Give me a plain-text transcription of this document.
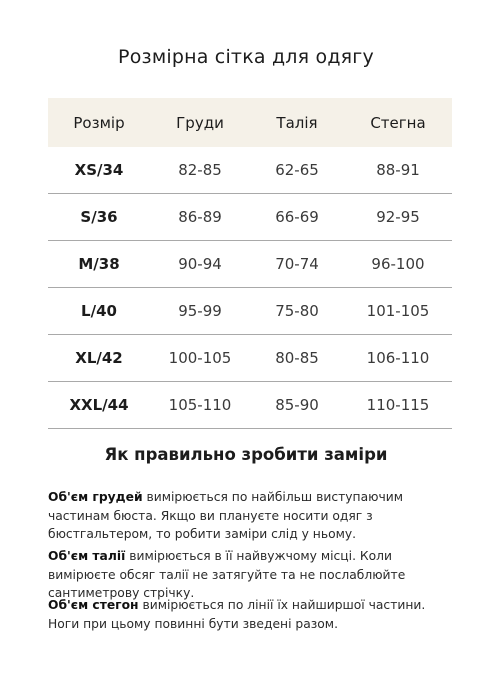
Розмірна сітка для одягу
Розмір	Груди	Талія	Стегна
XS/34	82-85	62-65	88-91
S/36	86-89	66-69	92-95
M/38	90-94	70-74	96-100
L/40	95-99	75-80	101-105
XL/42	100-105	80-85	106-110
XXL/44	105-110	85-90	110-115
Як правильно зробити заміри
Об'єм грудей вимірюється по найбільш виступаючим частинам бюста. Якщо ви плануєте носити одяг з бюстгальтером, то робити заміри слід у ньому.
Об'єм талії вимірюється в її найвужчому місці. Коли вимірюєте обсяг талії не затягуйте та не послаблюйте сантиметрову стрічку.
Об'єм стегон вимірюється по лінії їх найширшої частини. Ноги при цьому повинні бути зведені разом.
